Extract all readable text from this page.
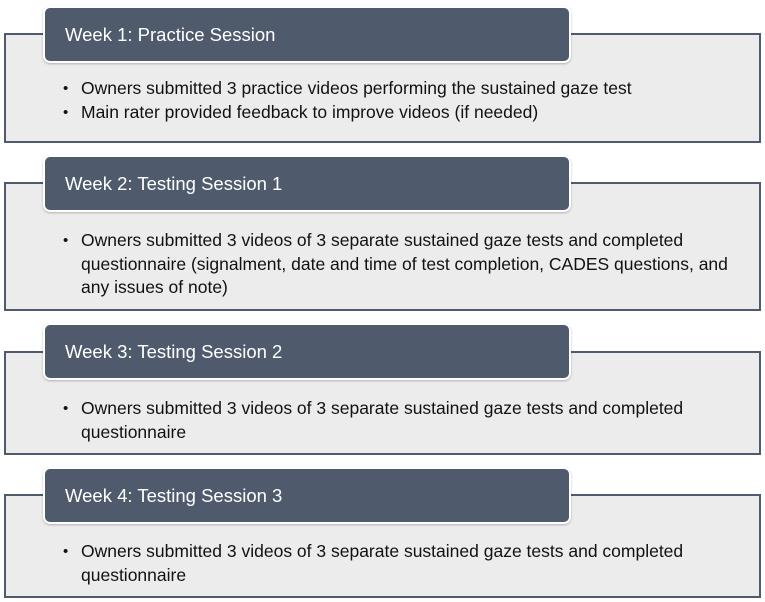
• Owners submitted 3 practice videos performing the sustained gaze test
• Main rater provided feedback to improve videos (if needed)
Week 1: Practice Session
• Owners submitted 3 videos of 3 separate sustained gaze tests and completed questionnaire (signalment, date and time of test completion, CADES questions, and any issues of note)
Week 2: Testing Session 1
• Owners submitted 3 videos of 3 separate sustained gaze tests and completed questionnaire
Week 3: Testing Session 2
• Owners submitted 3 videos of 3 separate sustained gaze tests and completed questionnaire
Week 4: Testing Session 3
